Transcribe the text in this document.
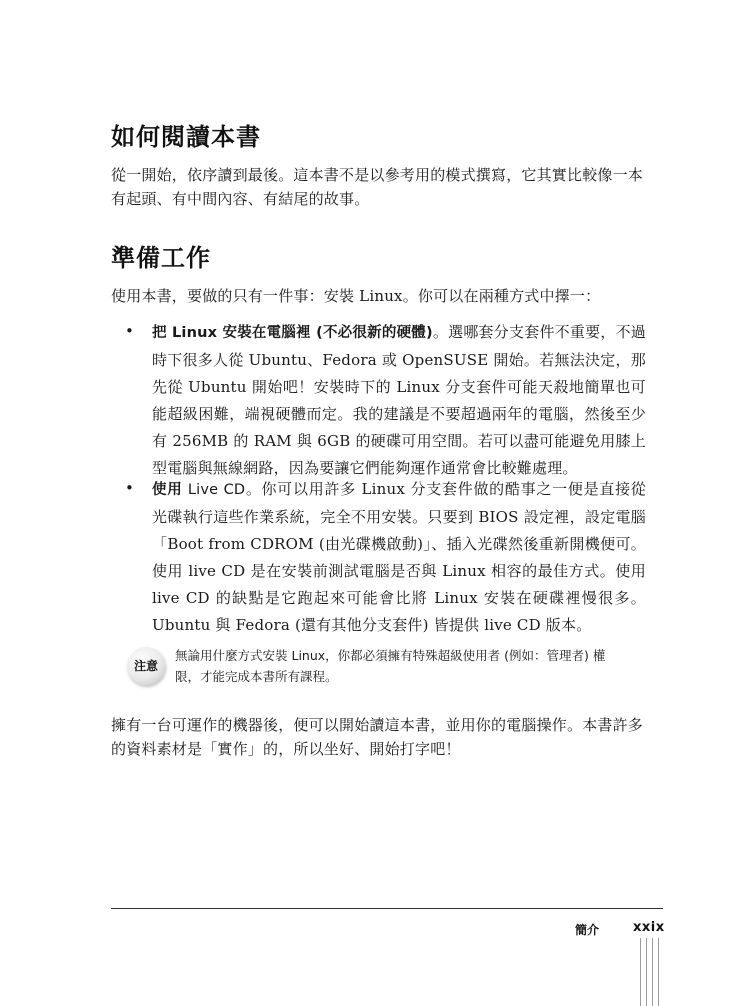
如何閱讀本書

從一開始，依序讀到最後。這本書不是以參考用的模式撰寫，它其實比較像一本有起頭、有中間內容、有結尾的故事。

準備工作

使用本書，要做的只有一件事：安裝 Linux。你可以在兩種方式中擇一：

• 把 Linux 安裝在電腦裡 (不必很新的硬體)。選哪套分支套件不重要，不過時下很多人從 Ubuntu、Fedora 或 OpenSUSE 開始。若無法決定，那先從 Ubuntu 開始吧！安裝時下的 Linux 分支套件可能天殺地簡單也可能超級困難，端視硬體而定。我的建議是不要超過兩年的電腦，然後至少有 256MB 的 RAM 與 6GB 的硬碟可用空間。若可以盡可能避免用膝上型電腦與無線網路，因為要讓它們能夠運作通常會比較難處理。

• 使用 Live CD。你可以用許多 Linux 分支套件做的酷事之一便是直接從光碟執行這些作業系統，完全不用安裝。只要到 BIOS 設定裡，設定電腦「Boot from CDROM (由光碟機啟動)」、插入光碟然後重新開機便可。使用 live CD 是在安裝前測試電腦是否與 Linux 相容的最佳方式。使用 live CD 的缺點是它跑起來可能會比將 Linux 安裝在硬碟裡慢很多。Ubuntu 與 Fedora (還有其他分支套件) 皆提供 live CD 版本。

注意

無論用什麼方式安裝 Linux，你都必須擁有特殊超級使用者 (例如：管理者) 權限，才能完成本書所有課程。

擁有一台可運作的機器後，便可以開始讀這本書，並用你的電腦操作。本書許多的資料素材是「實作」的，所以坐好、開始打字吧！

簡介	xxix
